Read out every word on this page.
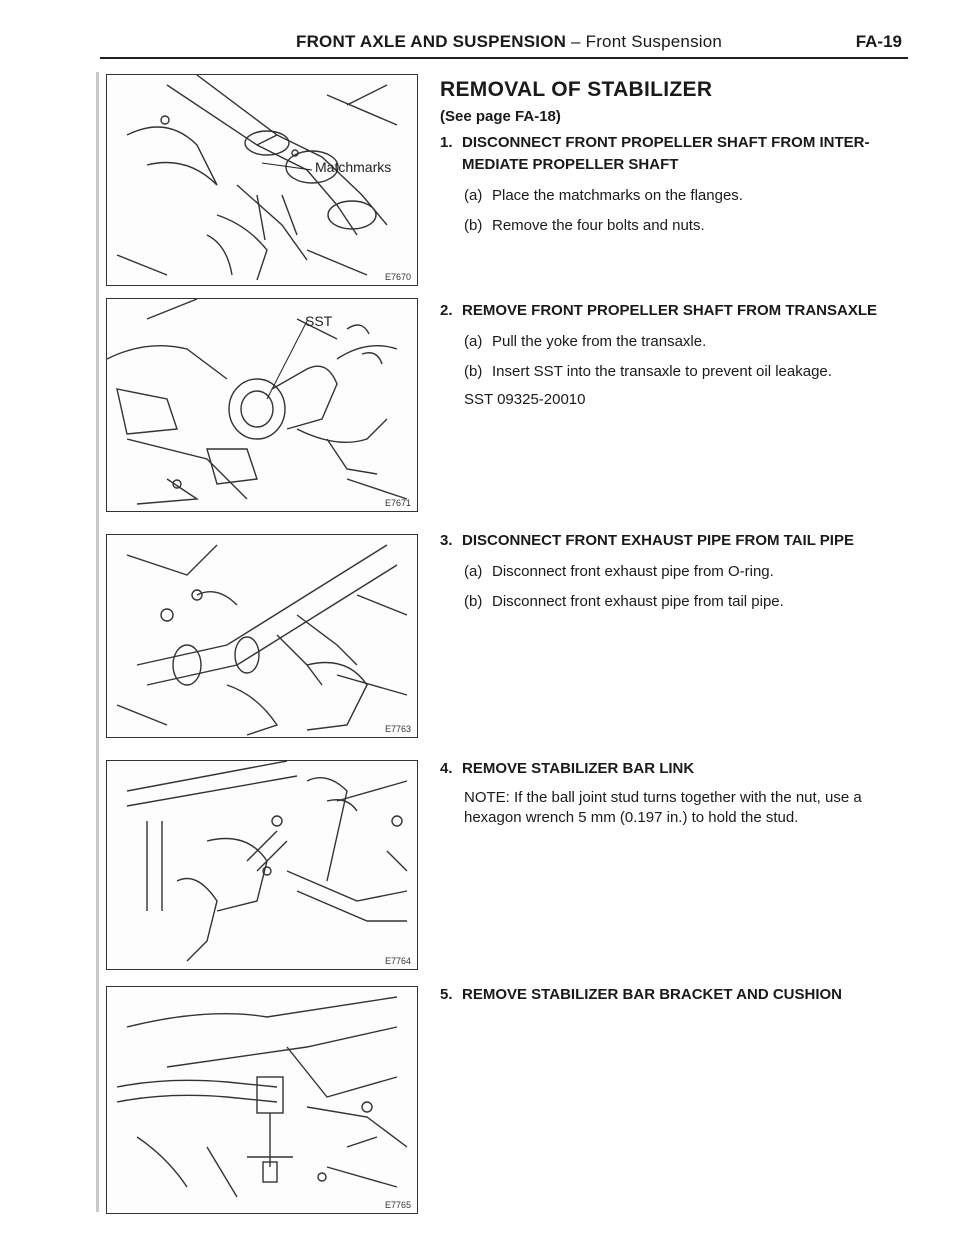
FRONT AXLE AND SUSPENSION – Front Suspension	FA-19
Matchmarks
E7670
SST
E7671
E7763
E7764
E7765
REMOVAL OF STABILIZER
(See page FA-18)
1. DISCONNECT FRONT PROPELLER SHAFT FROM INTER-MEDIATE PROPELLER SHAFT
(a) Place the matchmarks on the flanges.
(b) Remove the four bolts and nuts.
2. REMOVE FRONT PROPELLER SHAFT FROM TRANSAXLE
(a) Pull the yoke from the transaxle.
(b) Insert SST into the transaxle to prevent oil leakage.
SST 09325-20010
3. DISCONNECT FRONT EXHAUST PIPE FROM TAIL PIPE
(a) Disconnect front exhaust pipe from O-ring.
(b) Disconnect front exhaust pipe from tail pipe.
4. REMOVE STABILIZER BAR LINK
NOTE: If the ball joint stud turns together with the nut, use a hexagon wrench 5 mm (0.197 in.) to hold the stud.
5. REMOVE STABILIZER BAR BRACKET AND CUSHION
